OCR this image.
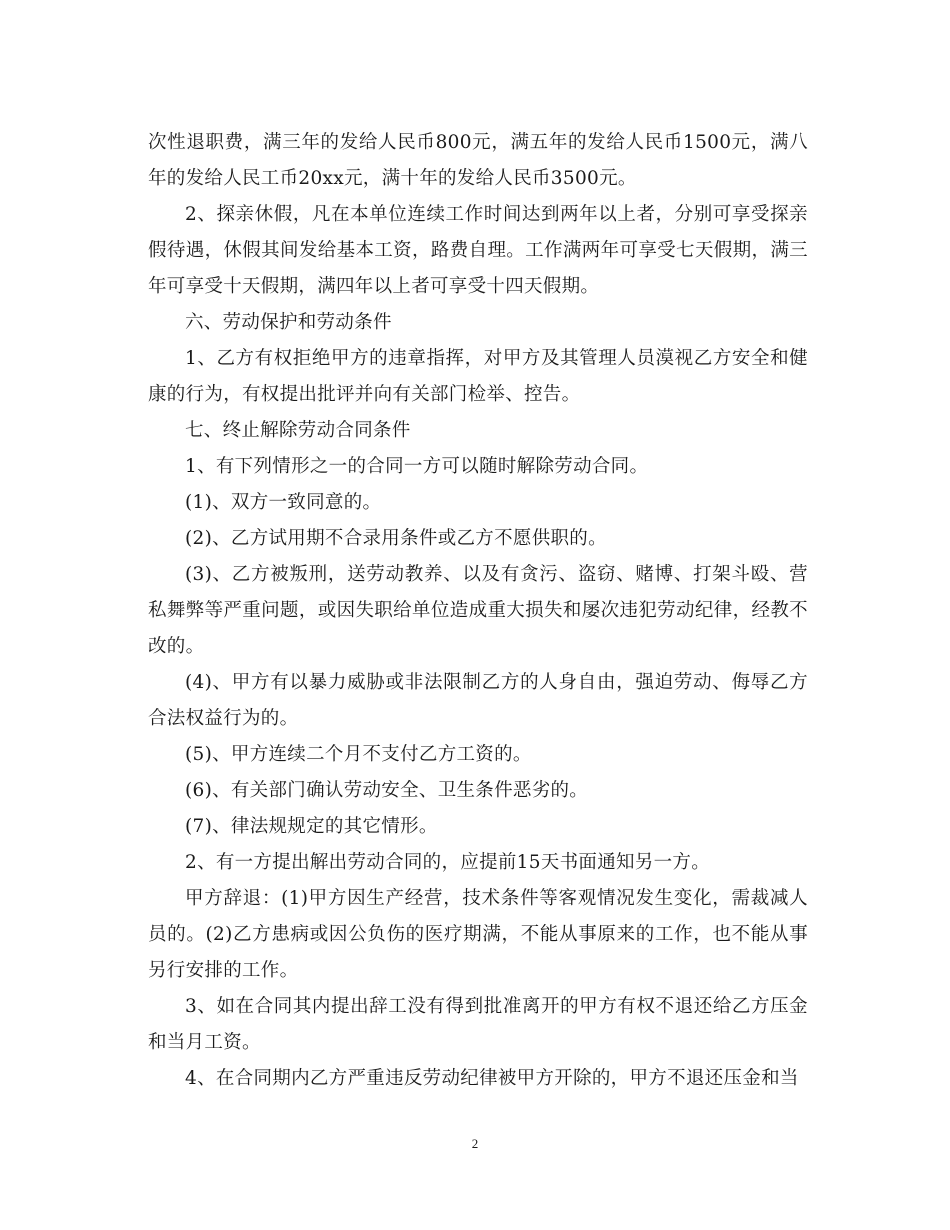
次性退职费，满三年的发给人民币800元，满五年的发给人民币1500元，满八年的发给人民工币20xx元，满十年的发给人民币3500元。

2、探亲休假，凡在本单位连续工作时间达到两年以上者，分别可享受探亲假待遇，休假其间发给基本工资，路费自理。工作满两年可享受七天假期，满三年可享受十天假期，满四年以上者可享受十四天假期。

六、劳动保护和劳动条件

1、乙方有权拒绝甲方的违章指挥，对甲方及其管理人员漠视乙方安全和健康的行为，有权提出批评并向有关部门检举、控告。

七、终止解除劳动合同条件

1、有下列情形之一的合同一方可以随时解除劳动合同。

(1)、双方一致同意的。

(2)、乙方试用期不合录用条件或乙方不愿供职的。

(3)、乙方被叛刑，送劳动教养、以及有贪污、盗窃、赌博、打架斗殴、营私舞弊等严重问题，或因失职给单位造成重大损失和屡次违犯劳动纪律，经教不改的。

(4)、甲方有以暴力威胁或非法限制乙方的人身自由，强迫劳动、侮辱乙方合法权益行为的。

(5)、甲方连续二个月不支付乙方工资的。

(6)、有关部门确认劳动安全、卫生条件恶劣的。

(7)、律法规规定的其它情形。

2、有一方提出解出劳动合同的，应提前15天书面通知另一方。

甲方辞退：(1)甲方因生产经营，技术条件等客观情况发生变化，需裁减人员的。(2)乙方患病或因公负伤的医疗期满，不能从事原来的工作，也不能从事另行安排的工作。

3、如在合同其内提出辞工没有得到批准离开的甲方有权不退还给乙方压金和当月工资。

4、在合同期内乙方严重违反劳动纪律被甲方开除的，甲方不退还压金和当

2
